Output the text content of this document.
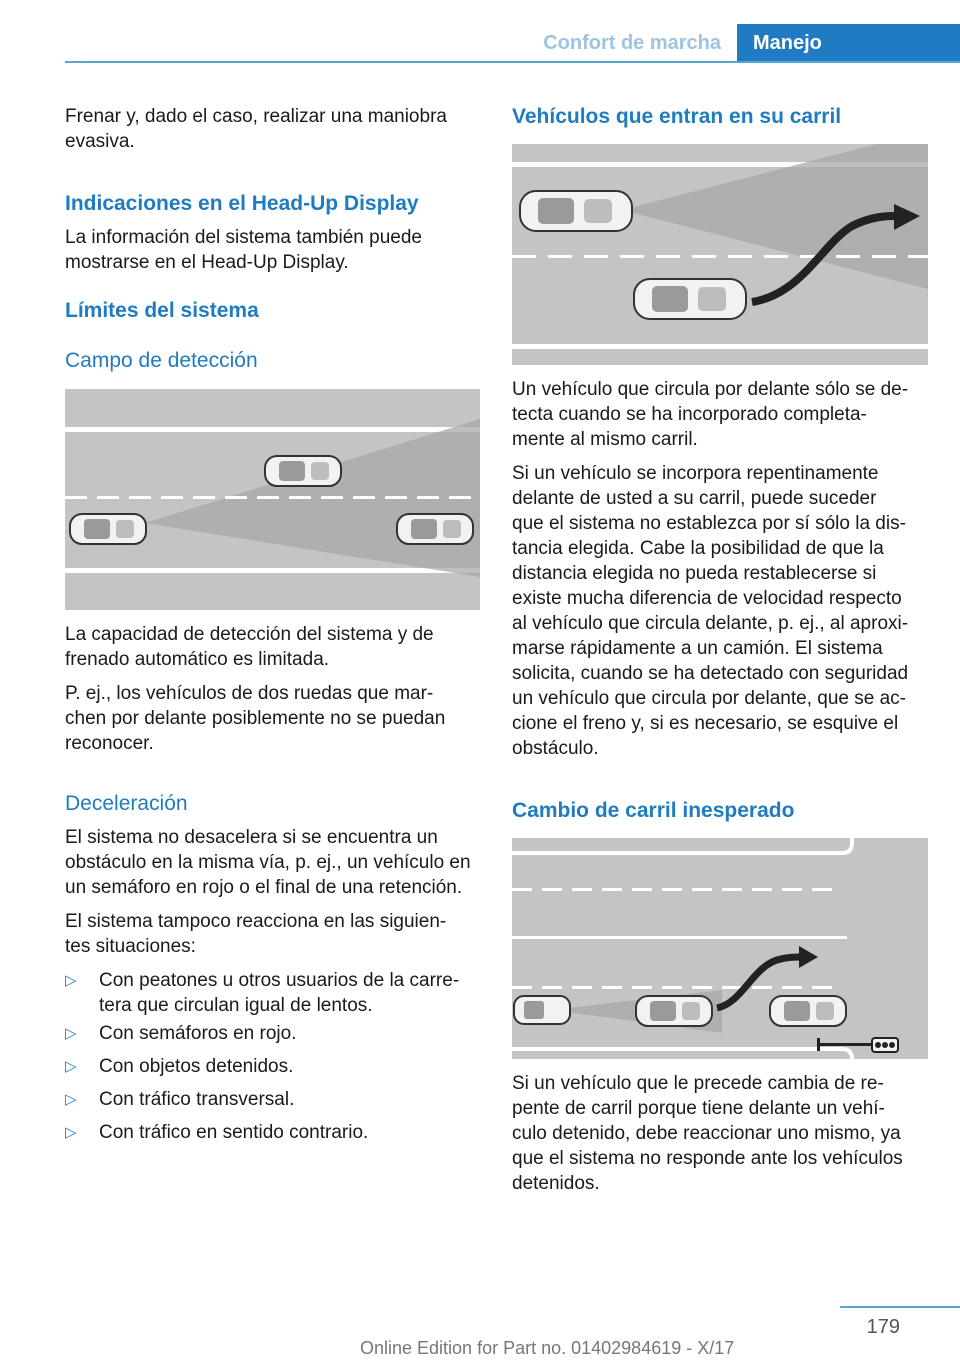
Confort de marcha	Manejo
Frenar y, dado el caso, realizar una maniobra evasiva.
Indicaciones en el Head-Up Display
La información del sistema también puede
mostrarse en el Head-Up Display.
Límites del sistema
Campo de detección
La capacidad de detección del sistema y de
frenado automático es limitada.
P. ej., los vehículos de dos ruedas que mar‐
chen por delante posiblemente no se puedan
reconocer.
Deceleración
El sistema no desacelera si se encuentra un
obstáculo en la misma vía, p. ej., un vehículo en
un semáforo en rojo o el final de una retención.
El sistema tampoco reacciona en las siguien‐
tes situaciones:
▷ Con peatones u otros usuarios de la carre‐
tera que circulan igual de lentos.
▷ Con semáforos en rojo.
▷ Con objetos detenidos.
▷ Con tráfico transversal.
▷ Con tráfico en sentido contrario.
Vehículos que entran en su carril
Un vehículo que circula por delante sólo se de‐
tecta cuando se ha incorporado completa‐
mente al mismo carril.
Si un vehículo se incorpora repentinamente
delante de usted a su carril, puede suceder
que el sistema no establezca por sí sólo la dis‐
tancia elegida. Cabe la posibilidad de que la
distancia elegida no pueda restablecerse si
existe mucha diferencia de velocidad respecto
al vehículo que circula delante, p. ej., al aproxi‐
marse rápidamente a un camión. El sistema
solicita, cuando se ha detectado con seguridad
un vehículo que circula por delante, que se ac‐
cione el freno y, si es necesario, se esquive el
obstáculo.
Cambio de carril inesperado
Si un vehículo que le precede cambia de re‐
pente de carril porque tiene delante un vehí‐
culo detenido, debe reaccionar uno mismo, ya
que el sistema no responde ante los vehículos
detenidos.
179
Online Edition for Part no. 01402984619 - X/17
